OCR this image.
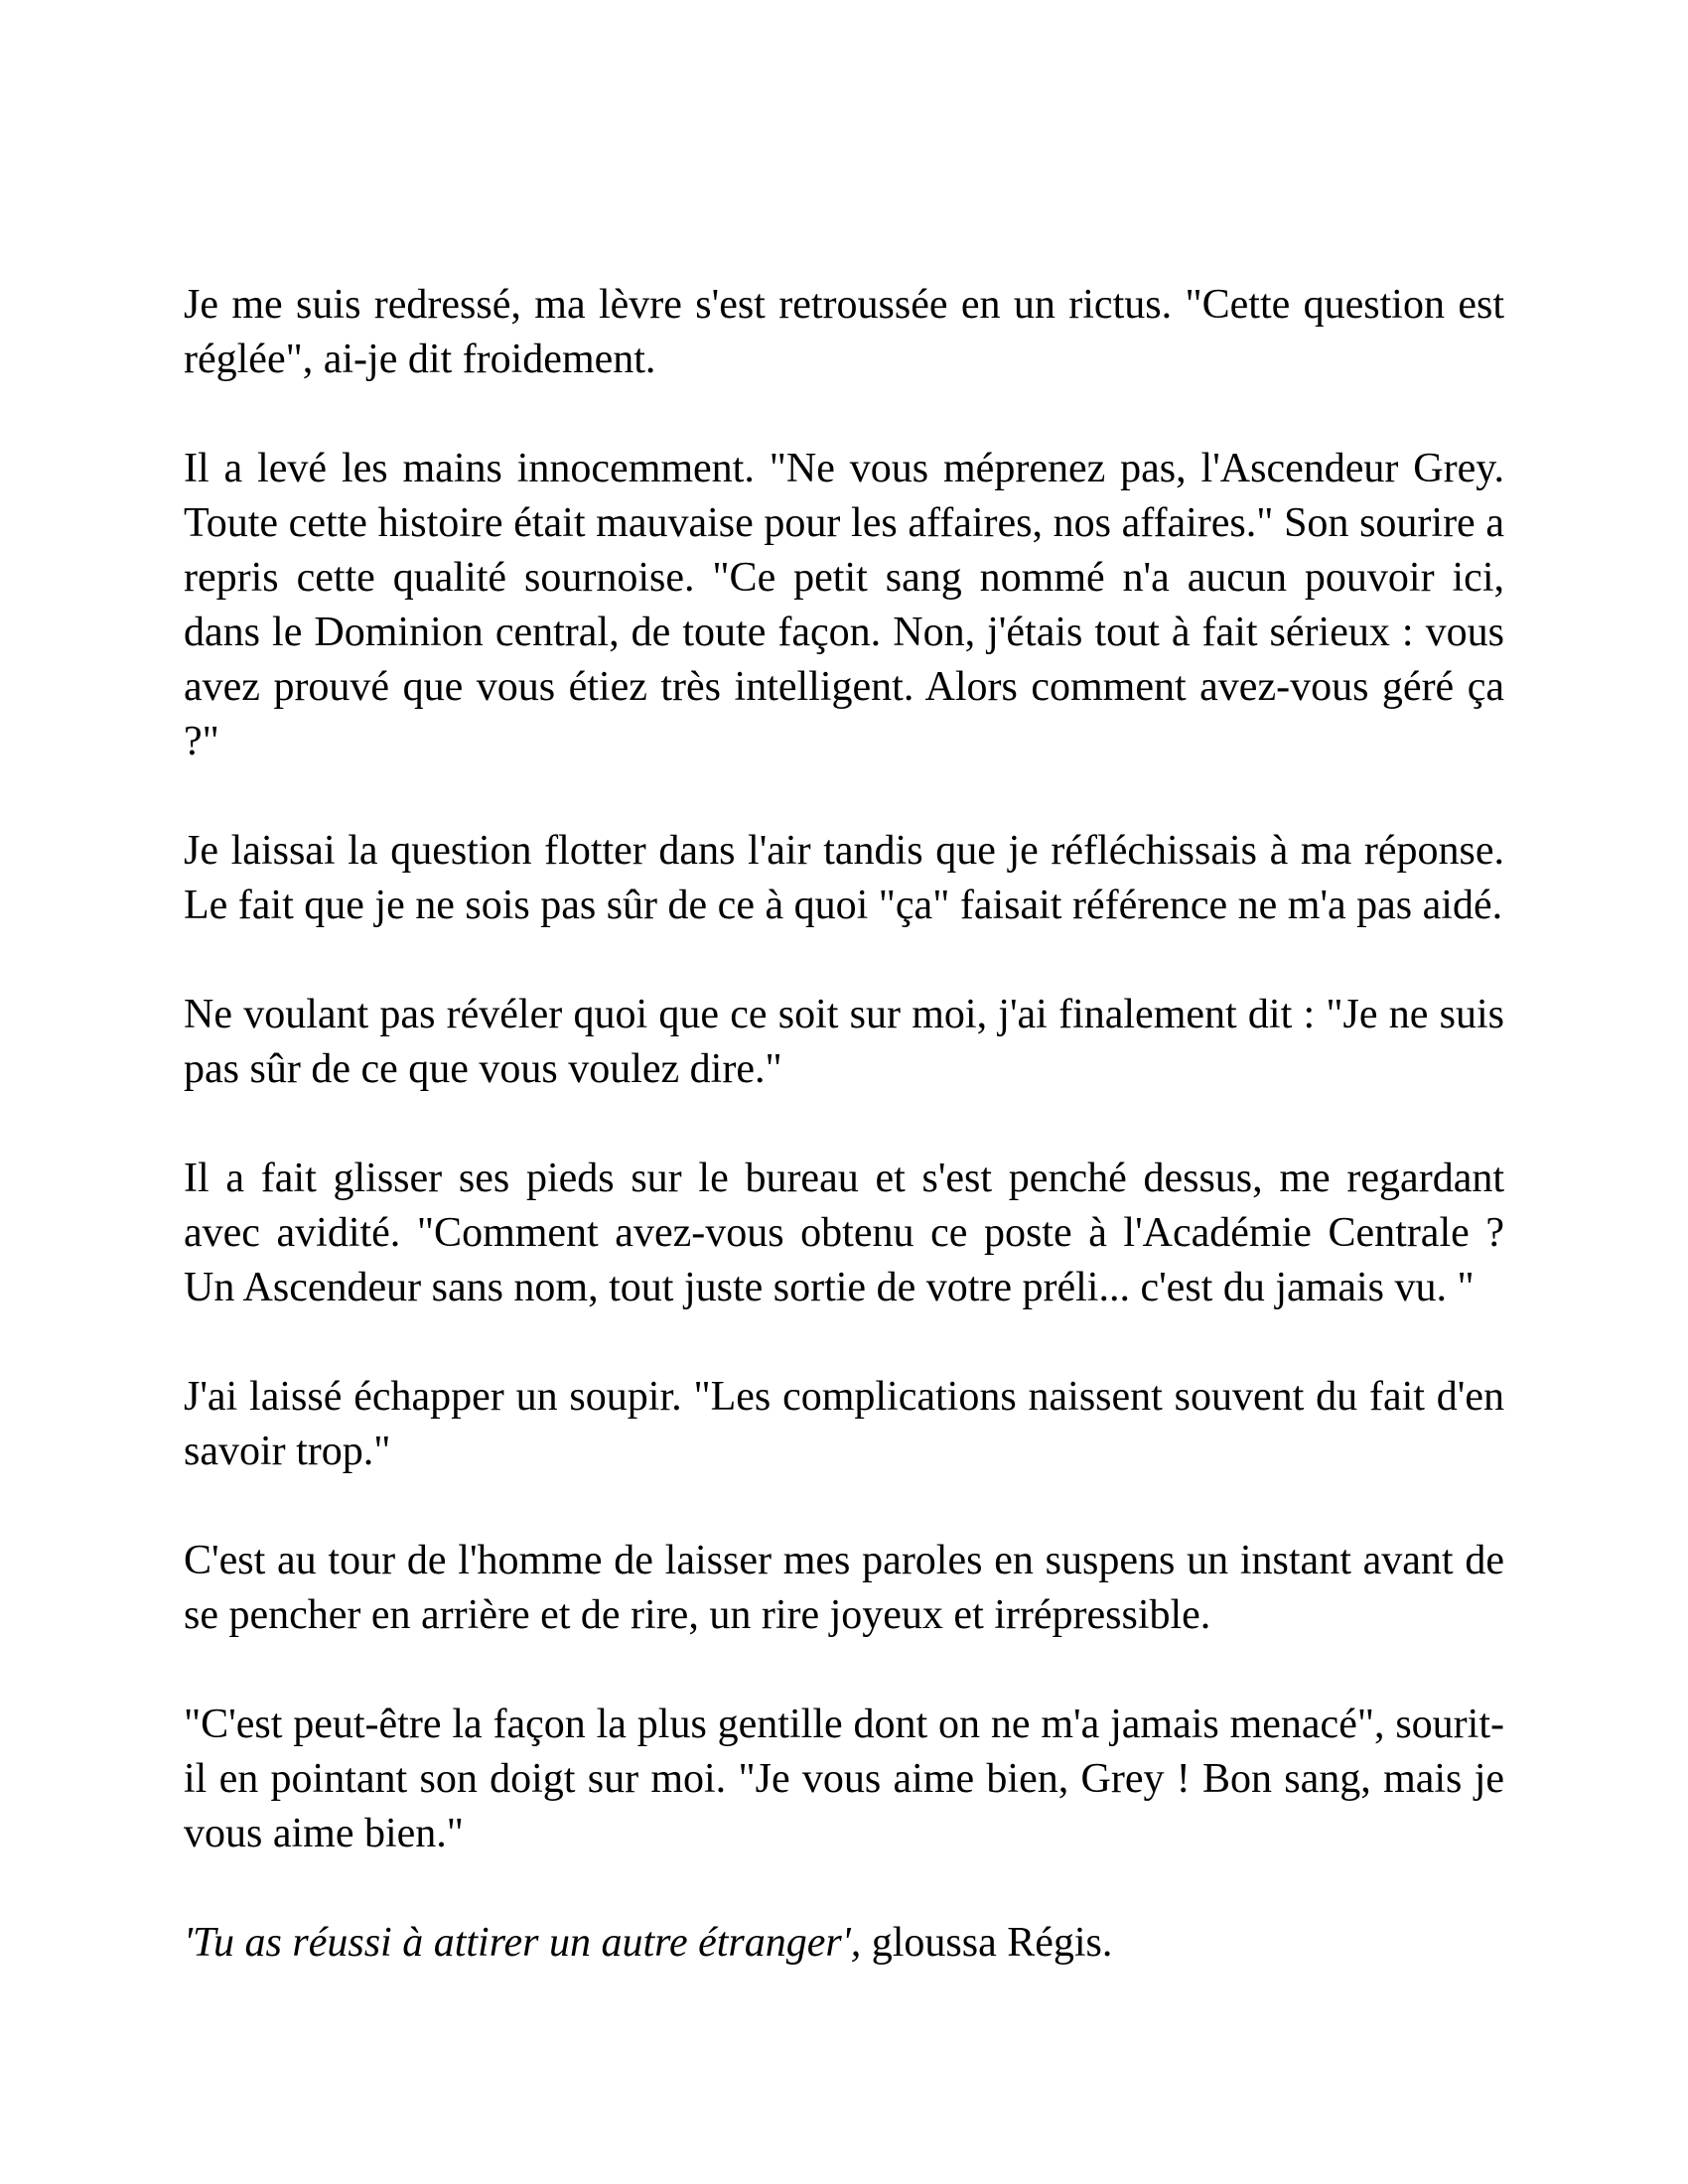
Je me suis redressé, ma lèvre s'est retroussée en un rictus. "Cette question est réglée", ai-je dit froidement.

Il a levé les mains innocemment. "Ne vous méprenez pas, l'Ascendeur Grey. Toute cette histoire était mauvaise pour les affaires, nos affaires." Son sourire a repris cette qualité sournoise. "Ce petit sang nommé n'a aucun pouvoir ici, dans le Dominion central, de toute façon. Non, j'étais tout à fait sérieux : vous avez prouvé que vous étiez très intelligent. Alors comment avez-vous géré ça ?"

Je laissai la question flotter dans l'air tandis que je réfléchissais à ma réponse. Le fait que je ne sois pas sûr de ce à quoi "ça" faisait référence ne m'a pas aidé.

Ne voulant pas révéler quoi que ce soit sur moi, j'ai finalement dit : "Je ne suis pas sûr de ce que vous voulez dire."

Il a fait glisser ses pieds sur le bureau et s'est penché dessus, me regardant avec avidité. "Comment avez-vous obtenu ce poste à l'Académie Centrale ? Un Ascendeur sans nom, tout juste sortie de votre préli... c'est du jamais vu. "

J'ai laissé échapper un soupir. "Les complications naissent souvent du fait d'en savoir trop."

C'est au tour de l'homme de laisser mes paroles en suspens un instant avant de se pencher en arrière et de rire, un rire joyeux et irrépressible.

"C'est peut-être la façon la plus gentille dont on ne m'a jamais menacé", sourit-il en pointant son doigt sur moi. "Je vous aime bien, Grey ! Bon sang, mais je vous aime bien."

'Tu as réussi à attirer un autre étranger', gloussa Régis.
